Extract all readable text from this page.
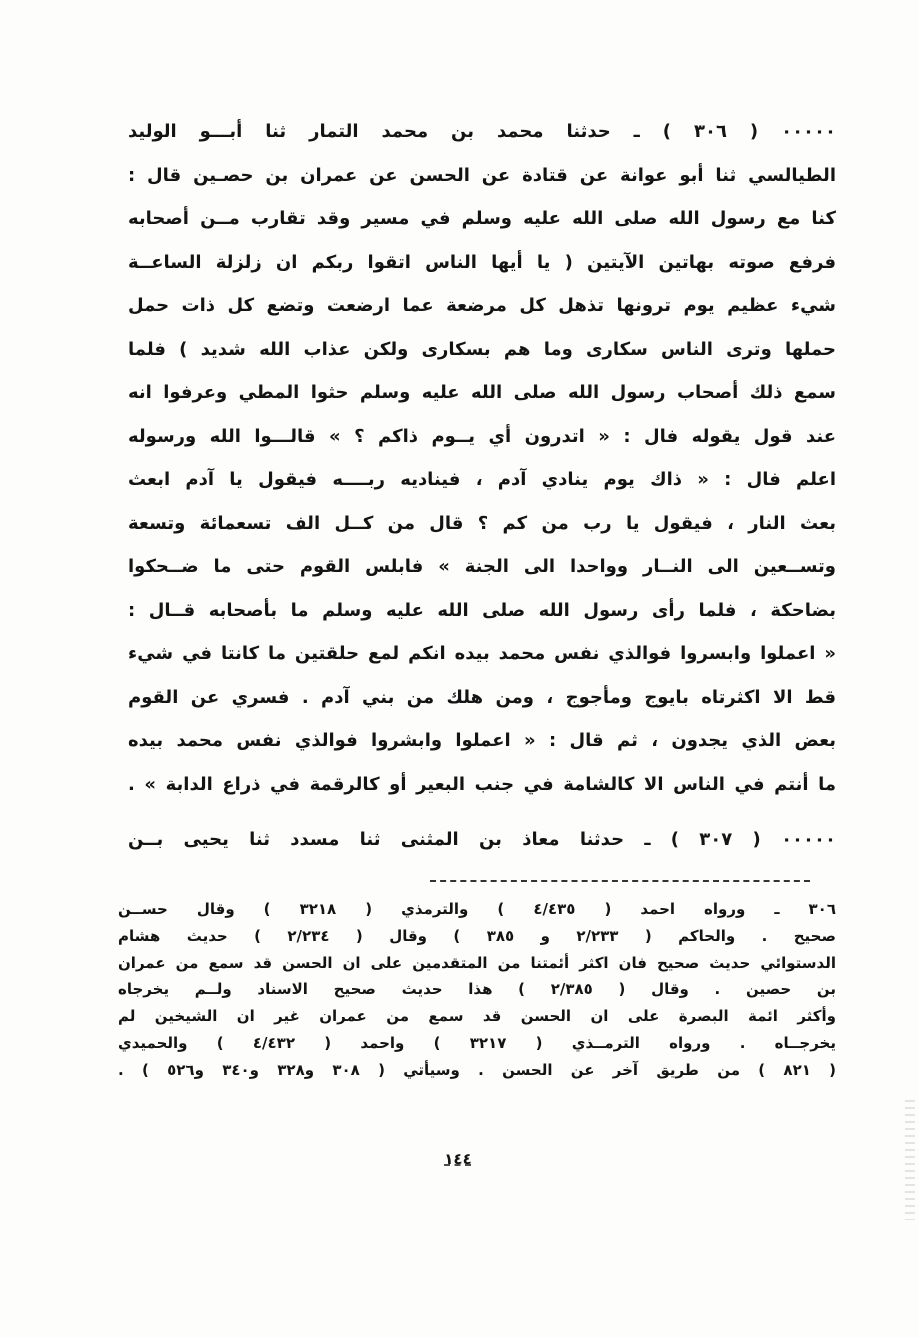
٠٠٠٠٠ ( ٣٠٦ ) ـ حدثنا محمد بن محمد التمار ثنا أبـــو الوليد
الطيالسي ثنا أبو عوانة عن قتادة عن الحسن عن عمران بن حصـين قال :
كنا مع رسول الله صلى الله عليه وسلم في مسير وقد تقارب مــن أصحابه
فرفع صوته بهاتين الآيتين ( يا أيها الناس اتقوا ربكم ان زلزلة الساعــة
شيء عظيم يوم ترونها تذهل كل مرضعة عما ارضعت وتضع كل ذات حمل
حملها وترى الناس سكارى وما هم بسكارى ولكن عذاب الله شديد ) فلما
سمع ذلك أصحاب رسول الله صلى الله عليه وسلم حثوا المطي وعرفوا انه
عند قول يقوله فال : « اتدرون أي يــوم ذاكم ؟ » قالـــوا الله ورسوله
اعلم فال : « ذاك يوم ينادي آدم ، فيناديه ربــــه فيقول يا آدم ابعث
بعث النار ، فيقول يا رب من كم ؟ قال من كــل الف تسعمائة وتسعة
وتســعين الى النــار وواحدا الى الجنة » فابلس القوم حتى ما ضــحكوا
بضاحكة ، فلما رأى رسول الله صلى الله عليه وسلم ما بأصحابه قــال :
« اعملوا وابسروا فوالذي نفس محمد بيده انكم لمع حلقتين ما كانتا في شيء
قط الا اكثرتاه بايوج ومأجوج ، ومن هلك من بني آدم . فسري عن القوم
بعض الذي يجدون ، ثم قال : « اعملوا وابشروا فوالذي نفس محمد بيده
ما أنتم في الناس الا كالشامة في جنب البعير أو كالرقمة في ذراع الدابة » .
٠٠٠٠٠ ( ٣٠٧ ) ـ حدثنا معاذ بن المثنى ثنا مسدد ثنا يحيى بــن
٣٠٦ ـ ورواه احمد ( ٤/٤٣٥ ) والترمذي ( ٣٢١٨ ) وقال حســن
صحيح . والحاكم ( ٢/٢٣٣ و ٣٨٥ ) وقال ( ٢/٢٣٤ ) حديث هشام
الدستوائي حديث صحيح فان اكثر أئمتنا من المتقدمين على ان الحسن قد سمع من عمران
بن حصين . وقال ( ٢/٣٨٥ ) هذا حديث صحيح الاسناد ولــم يخرجاه
وأكثر ائمة البصرة على ان الحسن قد سمع من عمران غير ان الشيخين لم
يخرجــاه . ورواه الترمــذي ( ٣٢١٧ ) واحمد ( ٤/٤٣٢ ) والحميدي
( ٨٢١ ) من طريق آخر عن الحسن . وسيأتي ( ٣٠٨ و٣٢٨ و٣٤٠ و٥٢٦ ) .
١٤٤
